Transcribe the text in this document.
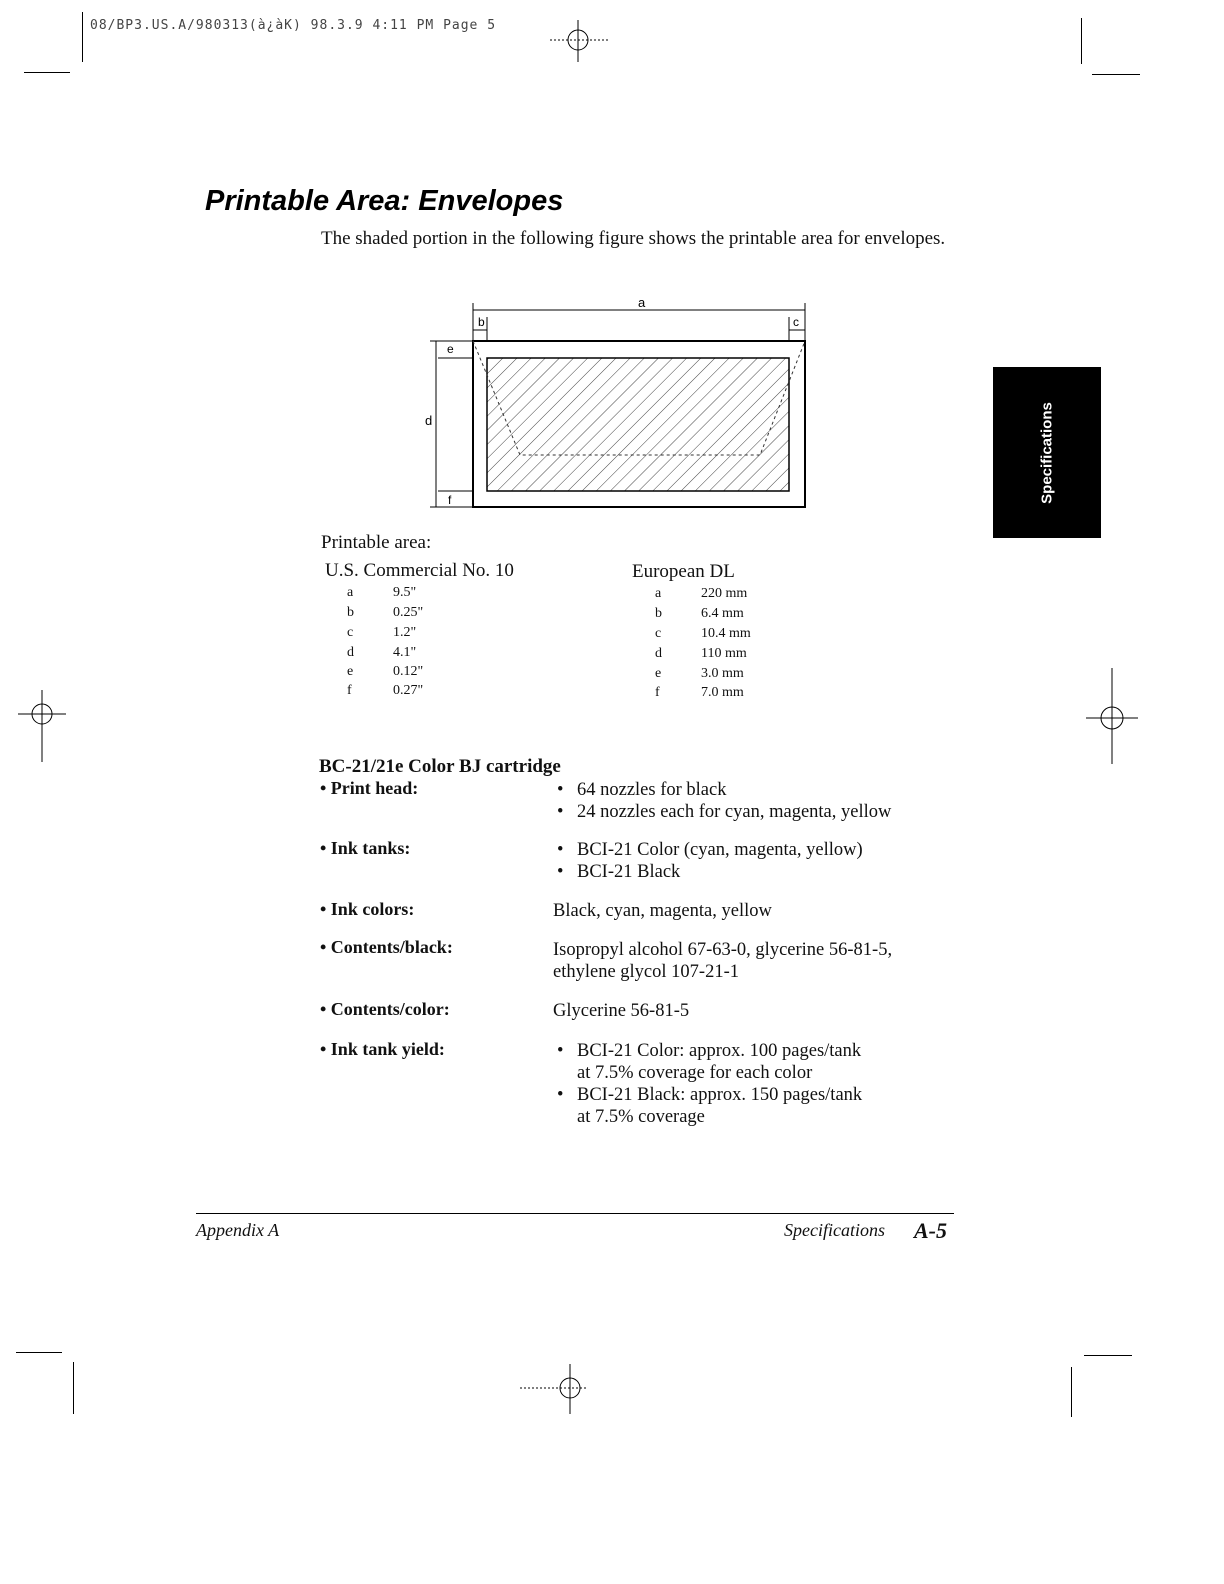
08/BP3.US.A/980313(à¿àK) 98.3.9 4:11 PM Page 5
Printable Area: Envelopes
The shaded portion in the following figure shows the printable area for envelopes.
Specifications
a
b	c
d
e
f
Printable area:
U.S. Commercial No. 10	European DL
a	9.5"
b	0.25"
c	1.2"
d	4.1"
e	0.12"
f	0.27"
a	220 mm
b	6.4 mm
c	10.4 mm
d	110 mm
e	3.0 mm
f	7.0 mm
BC-21/21e Color BJ cartridge
• Print head:	• 64 nozzles for black
• 24 nozzles each for cyan, magenta, yellow
• Ink tanks:	• BCI-21 Color (cyan, magenta, yellow)
• BCI-21 Black
• Ink colors:	Black, cyan, magenta, yellow
• Contents/black:	Isopropyl alcohol 67-63-0, glycerine 56-81-5,
ethylene glycol 107-21-1
• Contents/color:	Glycerine 56-81-5
• Ink tank yield:	• BCI-21 Color: approx. 100 pages/tank
at 7.5% coverage for each color
• BCI-21 Black: approx. 150 pages/tank
at 7.5% coverage
Appendix A	Specifications A-5
